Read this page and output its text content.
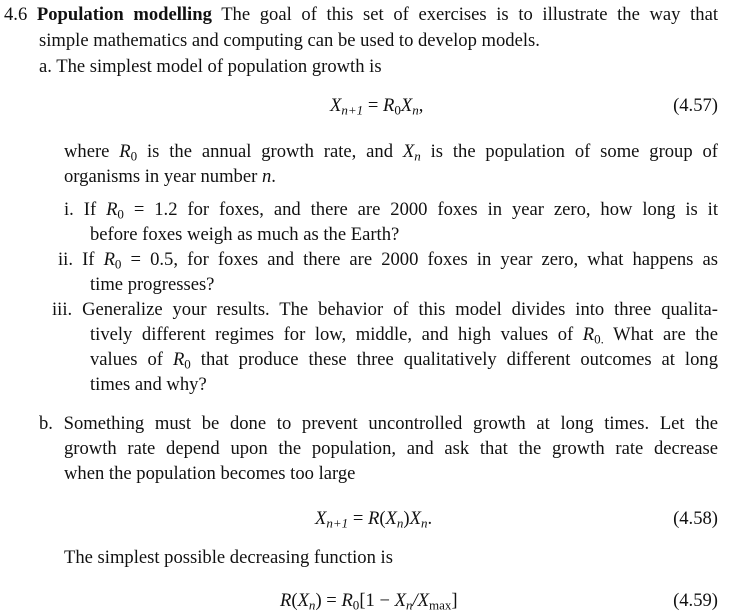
4.6 Population modelling The goal of this set of exercises is to illustrate the way that
simple mathematics and computing can be used to develop models.
a. The simplest model of population growth is
$X_{n+1} = R_0X_n$,	(4.57)
where $R_0$ is the annual growth rate, and $X_n$ is the population of some group of
organisms in year number n.
i. If $R_0 = 1.2$ for foxes, and there are 2000 foxes in year zero, how long is it
before foxes weigh as much as the Earth?
ii. If $R_0 = 0.5$, for foxes and there are 2000 foxes in year zero, what happens as
time progresses?
iii. Generalize your results. The behavior of this model divides into three qualita-
tively different regimes for low, middle, and high values of $R_{0.}$ What are the
values of $R_0$ that produce these three qualitatively different outcomes at long
times and why?
b. Something must be done to prevent uncontrolled growth at long times. Let the
growth rate depend upon the population, and ask that the growth rate decrease
when the population becomes too large
$X_{n+1} = R(X_n)X_n$.	(4.58)
The simplest possible decreasing function is
$R(X_n) = R_0[1 - X_n/X_{max}]$	(4.59)
